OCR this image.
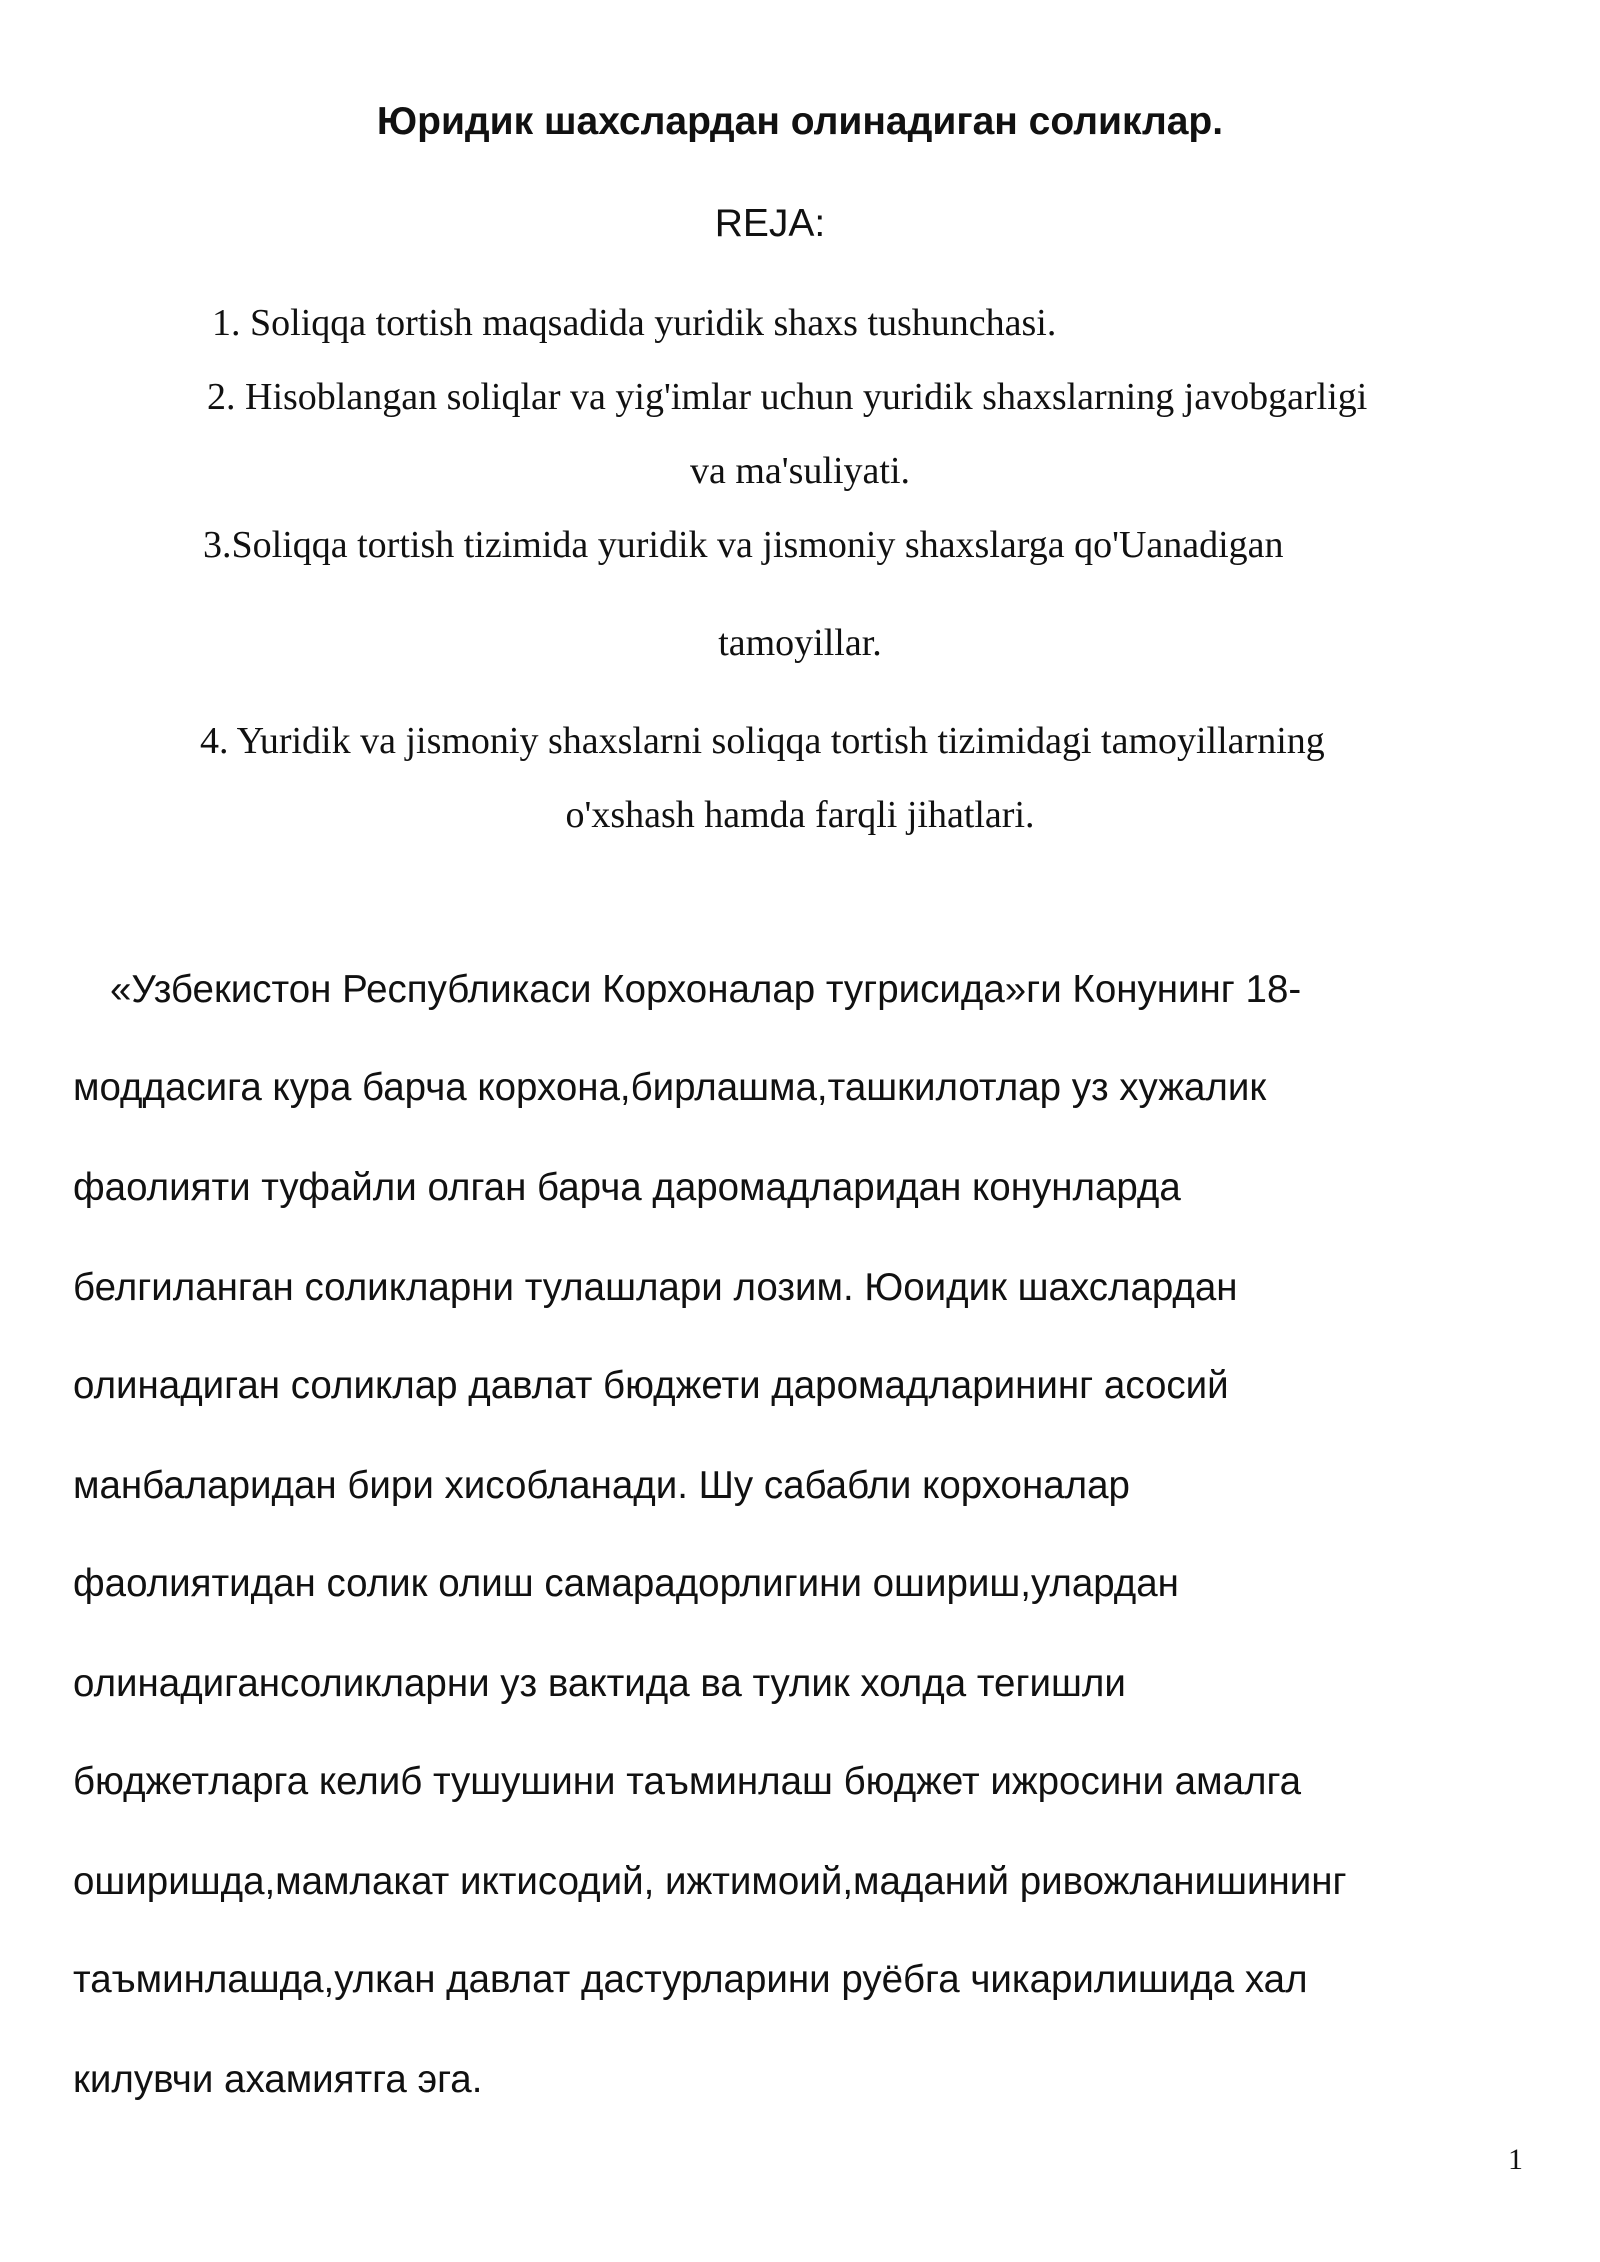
Юридик шахслардан олинадиган соликлар.
REJA:
1. Soliqqa tortish maqsadida yuridik shaxs tushunchasi.
2. Hisoblangan soliqlar va yig'imlar uchun yuridik shaxslarning javobgarligi
va ma'suliyati.
3.Soliqqa tortish tizimida yuridik va jismoniy shaxslarga qo'Uanadigan
tamoyillar.
4. Yuridik va jismoniy shaxslarni soliqqa tortish tizimidagi tamoyillarning
o'xshash hamda farqli jihatlari.
«Узбекистон Республикаси Корхоналар тугрисида»ги Конунинг 18-
моддасига кура барча корхона,бирлашма,ташкилотлар уз хужалик
фаолияти туфайли олган барча даромадларидан конунларда
белгиланган соликларни тулашлари лозим. Юоидик шахслардан
олинадиган соликлар давлат бюджети даромадларининг асосий
манбаларидан бири хисобланади. Шу сабабли корхоналар
фаолиятидан солик олиш самарадорлигини ошириш,улардан
олинадигансоликларни уз вактида ва тулик холда тегишли
бюджетларга келиб тушушини таъминлаш бюджет ижросини амалга
оширишда,мамлакат иктисодий, ижтимоий,маданий ривожланишининг
таъминлашда,улкан давлат дастурларини руёбга чикарилишида хал
килувчи ахамиятга эга.
1
